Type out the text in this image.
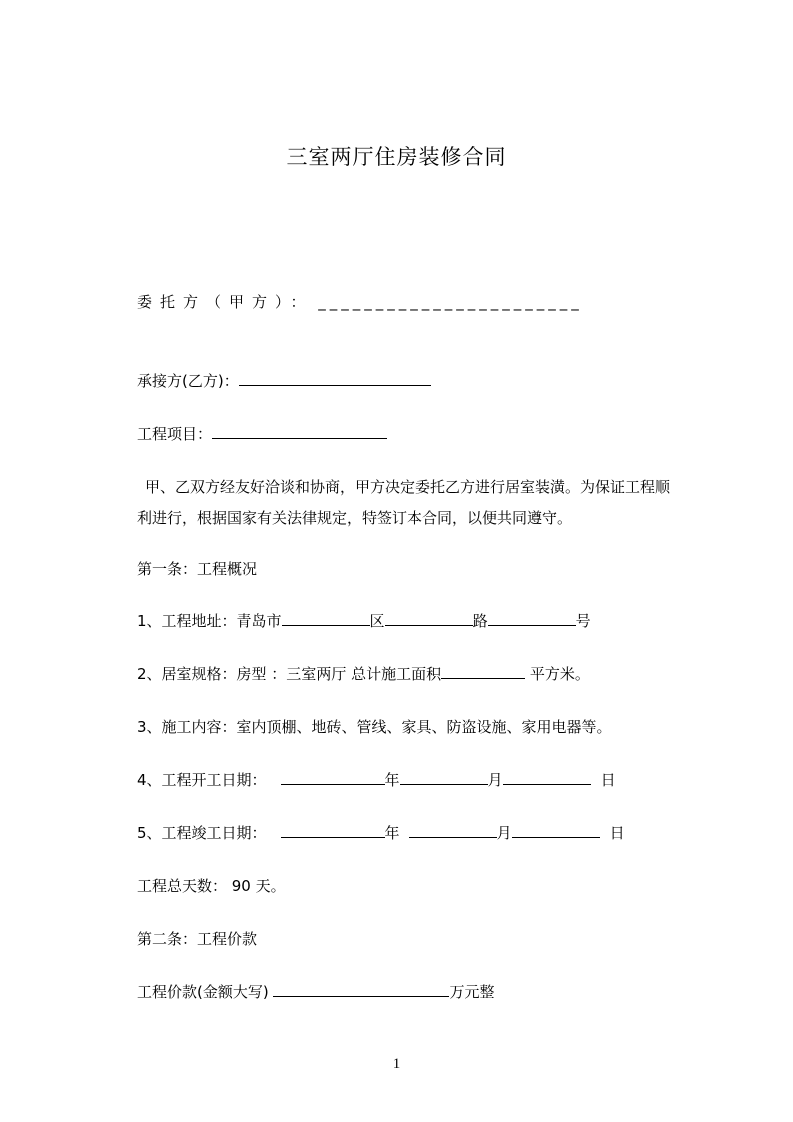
三室两厅住房装修合同
委托方（甲方）： _______________________
承接方(乙方)：
工程项目：
甲、乙双方经友好洽谈和协商，甲方决定委托乙方进行居室装潢。为保证工程顺
利进行，根据国家有关法律规定，特签订本合同，以便共同遵守。
第一条：工程概况
1、工程地址：青岛市	区	路	号
2、居室规格：房型 ：三室两厅 总计施工面积	平方米。
3、施工内容：室内顶棚、地砖、管线、家具、防盗设施、家用电器等。
4、工程开工日期：	年	月	日
5、工程竣工日期：	年	月	日
工程总天数： 90 天。
第二条：工程价款
工程价款(金额大写)	万元整
1
